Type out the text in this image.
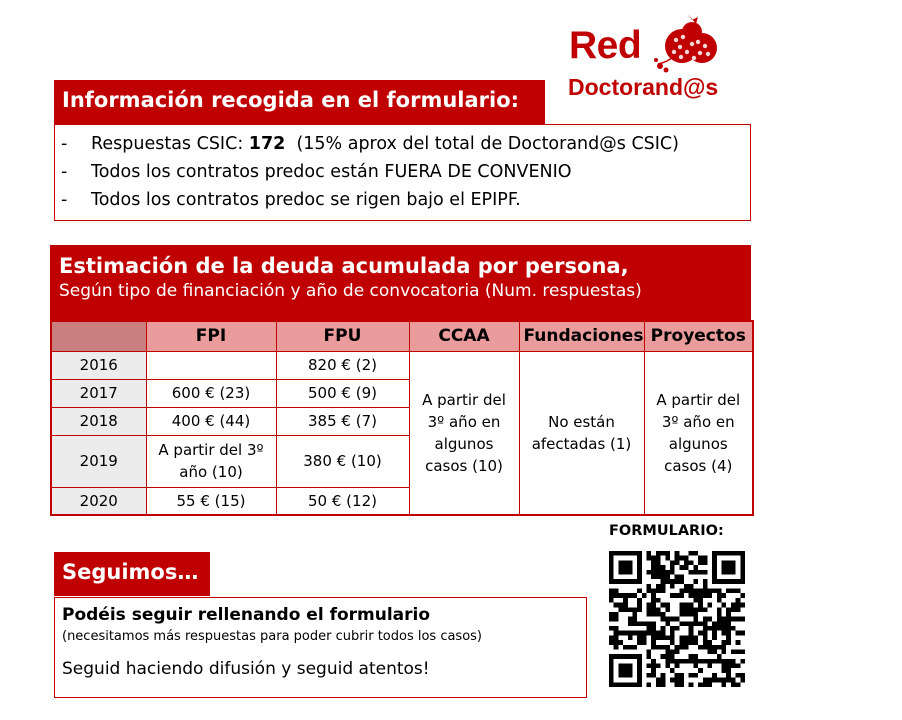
Red
Doctorand@s
Información recogida en el formulario:
-	Respuestas CSIC: 172  (15% aprox del total de Doctorand@s CSIC)
-	Todos los contratos predoc están FUERA DE CONVENIO
-	Todos los contratos predoc se rigen bajo el EPIPF.
Estimación de la deuda acumulada por persona,
Según tipo de financiación y año de convocatoria (Num. respuestas)
	FPI	FPU	CCAA	Fundaciones	Proyectos
2016		820 € (2)	A partir del 3º año en algunos casos (10)	No están afectadas (1)	A partir del 3º año en algunos casos (4)
2017	600 € (23)	500 € (9)			
2018	400 € (44)	385 € (7)			
2019	A partir del 3º año (10)	380 € (10)			
2020	55 € (15)	50 € (12)			
Seguimos…
Podéis seguir rellenando el formulario
(necesitamos más respuestas para poder cubrir todos los casos)
Seguid haciendo difusión y seguid atentos!
FORMULARIO:
